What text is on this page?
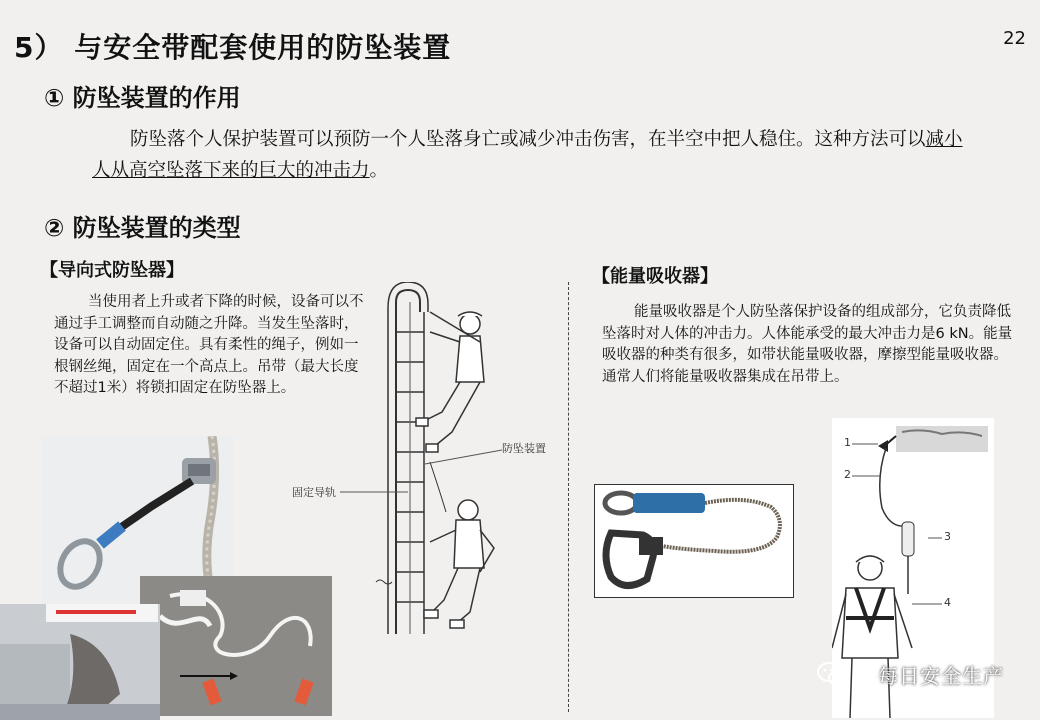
5） 与安全带配套使用的防坠装置	22
① 防坠装置的作用
防坠落个人保护装置可以预防一个人坠落身亡或减少冲击伤害，在半空中把人稳住。这种方法可以减小人从高空坠落下来的巨大的冲击力。
② 防坠装置的类型
【导向式防坠器】
当使用者上升或者下降的时候，设备可以不通过手工调整而自动随之升降。当发生坠落时，设备可以自动固定住。具有柔性的绳子，例如一根钢丝绳，固定在一个高点上。吊带（最大长度不超过1米）将锁扣固定在防坠器上。
防坠装置
固定导轨
【能量吸收器】
能量吸收器是个人防坠落保护设备的组成部分，它负责降低坠落时对人体的冲击力。人体能承受的最大冲击力是6 kN。能量吸收器的种类有很多，如带状能量吸收器，摩擦型能量吸收器。通常人们将能量吸收器集成在吊带上。
1
2
3
4
每日安全生产
